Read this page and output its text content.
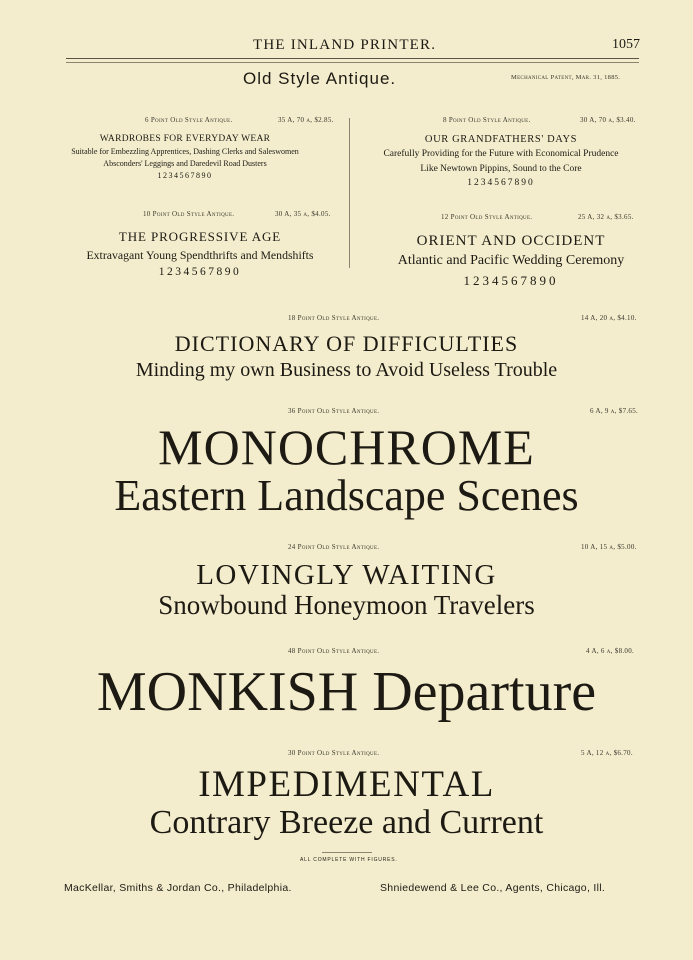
THE INLAND PRINTER.	1057
Old Style Antique.	Mechanical Patent, Mar. 31, 1885.
6 Point Old Style Antique.	35 A, 70 a, $2.85.
WARDROBES FOR EVERYDAY WEAR
Suitable for Embezzling Apprentices, Dashing Clerks and Saleswomen
Absconders' Leggings and Daredevil Road Dusters
1234567890
8 Point Old Style Antique.	30 A, 70 a, $3.40.
OUR GRANDFATHERS' DAYS
Carefully Providing for the Future with Economical Prudence
Like Newtown Pippins, Sound to the Core
1234567890
10 Point Old Style Antique.	30 A, 35 a, $4.05.
THE PROGRESSIVE AGE
Extravagant Young Spendthrifts and Mendshifts
1234567890
12 Point Old Style Antique.	25 A, 32 a, $3.65.
ORIENT AND OCCIDENT
Atlantic and Pacific Wedding Ceremony
1234567890
18 Point Old Style Antique.	14 A, 20 a, $4.10.
DICTIONARY OF DIFFICULTIES
Minding my own Business to Avoid Useless Trouble
36 Point Old Style Antique.	6 A, 9 a, $7.65.
MONOCHROME
Eastern Landscape Scenes
24 Point Old Style Antique.	10 A, 15 a, $5.00.
LOVINGLY WAITING
Snowbound Honeymoon Travelers
48 Point Old Style Antique.	4 A, 6 a, $8.00.
MONKISH Departure
30 Point Old Style Antique.	5 A, 12 a, $6.70.
IMPEDIMENTAL
Contrary Breeze and Current
ALL COMPLETE WITH FIGURES.
MacKellar, Smiths & Jordan Co., Philadelphia.	Shniedewend & Lee Co., Agents, Chicago, Ill.
